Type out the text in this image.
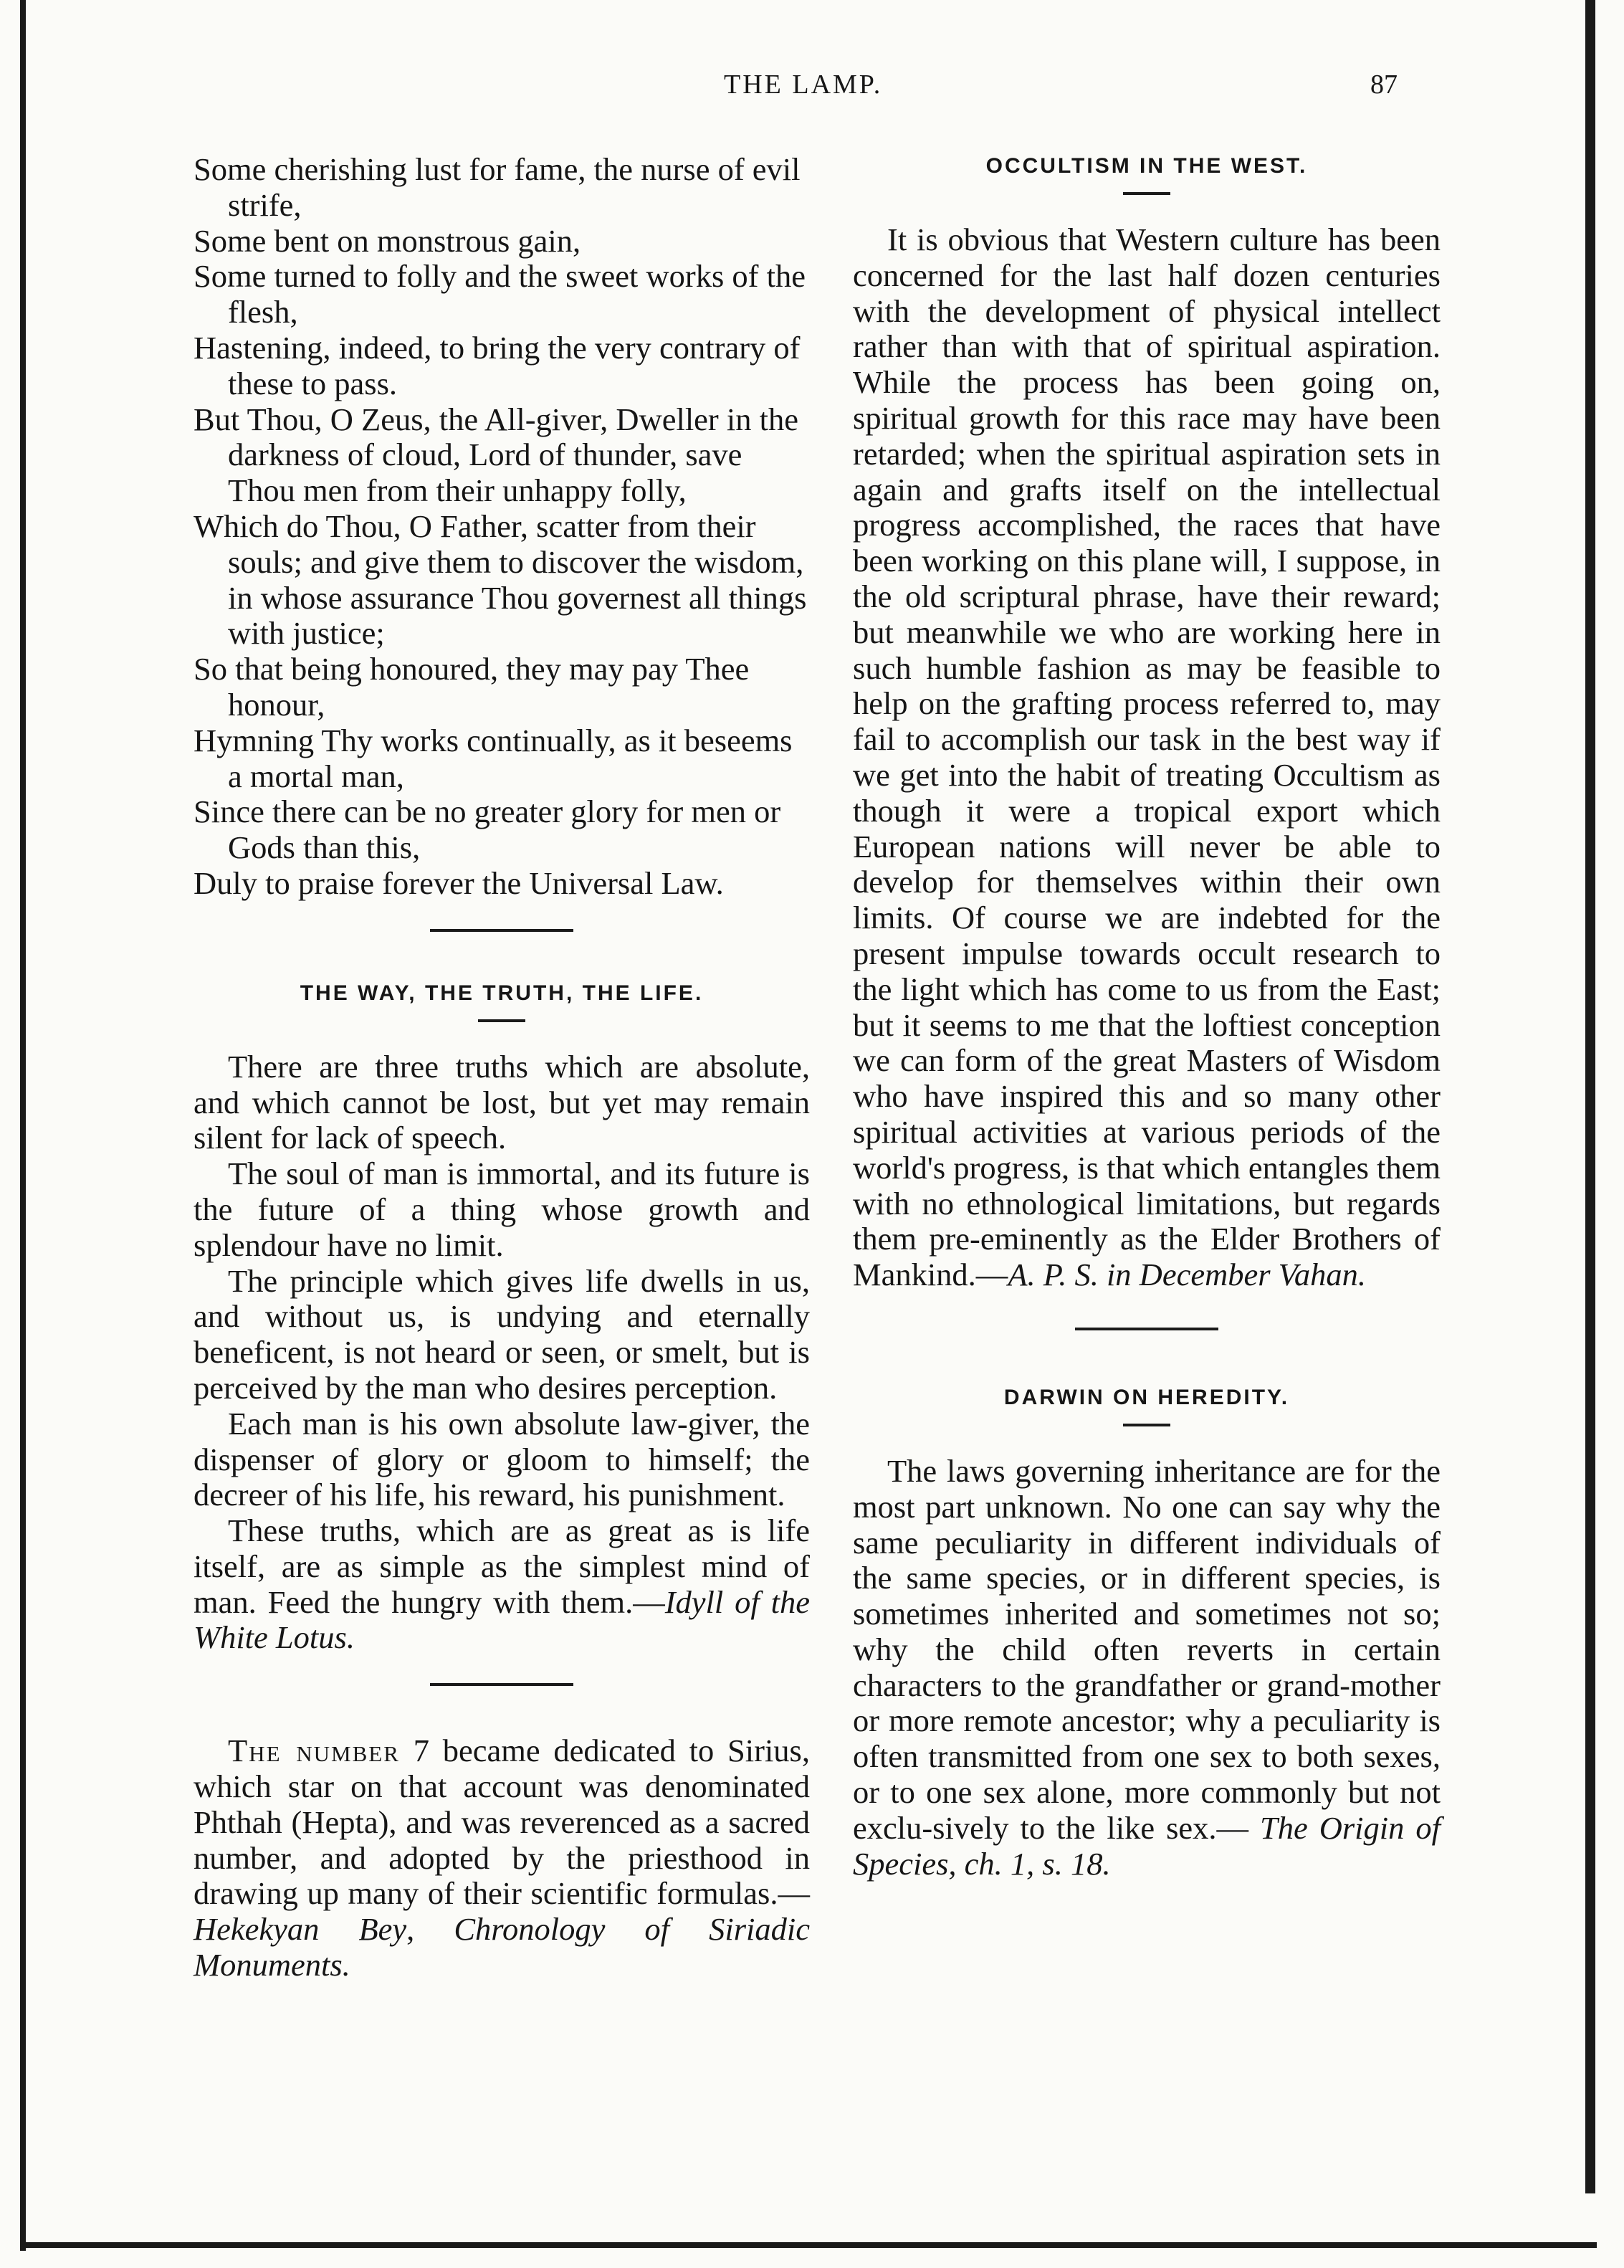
THE LAMP.	87
Some cherishing lust for fame, the nurse of evil strife,
Some bent on monstrous gain,
Some turned to folly and the sweet works of the flesh,
Hastening, indeed, to bring the very contrary of these to pass.
But Thou, O Zeus, the All-giver, Dweller in the darkness of cloud, Lord of thunder, save Thou men from their unhappy folly,
Which do Thou, O Father, scatter from their souls; and give them to discover the wisdom, in whose assurance Thou governest all things with justice;
So that being honoured, they may pay Thee honour,
Hymning Thy works continually, as it beseems a mortal man,
Since there can be no greater glory for men or Gods than this,
Duly to praise forever the Universal Law.
THE WAY, THE TRUTH, THE LIFE.

There are three truths which are absolute, and which cannot be lost, but yet may remain silent for lack of speech.

The soul of man is immortal, and its future is the future of a thing whose growth and splendour have no limit.

The principle which gives life dwells in us, and without us, is undying and eternally beneficent, is not heard or seen, or smelt, but is perceived by the man who desires perception.

Each man is his own absolute law-giver, the dispenser of glory or gloom to himself; the decreer of his life, his reward, his punishment.

These truths, which are as great as is life itself, are as simple as the simplest mind of man. Feed the hungry with them.—Idyll of the White Lotus.

The number 7 became dedicated to Sirius, which star on that account was denominated Phthah (Hepta), and was reverenced as a sacred number, and adopted by the priesthood in drawing up many of their scientific formulas.—Hekekyan Bey, Chronology of Siriadic Monuments.

OCCULTISM IN THE WEST.

It is obvious that Western culture has been concerned for the last half dozen centuries with the development of physical intellect rather than with that of spiritual aspiration. While the process has been going on, spiritual growth for this race may have been retarded; when the spiritual aspiration sets in again and grafts itself on the intellectual progress accomplished, the races that have been working on this plane will, I suppose, in the old scriptural phrase, have their reward; but meanwhile we who are working here in such humble fashion as may be feasible to help on the grafting process referred to, may fail to accomplish our task in the best way if we get into the habit of treating Occultism as though it were a tropical export which European nations will never be able to develop for themselves within their own limits. Of course we are indebted for the present impulse towards occult research to the light which has come to us from the East; but it seems to me that the loftiest conception we can form of the great Masters of Wisdom who have inspired this and so many other spiritual activities at various periods of the world's progress, is that which entangles them with no ethnological limitations, but regards them pre-eminently as the Elder Brothers of Mankind.—A. P. S. in December Vahan.

DARWIN ON HEREDITY.

The laws governing inheritance are for the most part unknown. No one can say why the same peculiarity in different individuals of the same species, or in different species, is sometimes inherited and sometimes not so; why the child often reverts in certain characters to the grandfather or grand-mother or more remote ancestor; why a peculiarity is often transmitted from one sex to both sexes, or to one sex alone, more commonly but not exclu-sively to the like sex.— The Origin of Species, ch. 1, s. 18.
